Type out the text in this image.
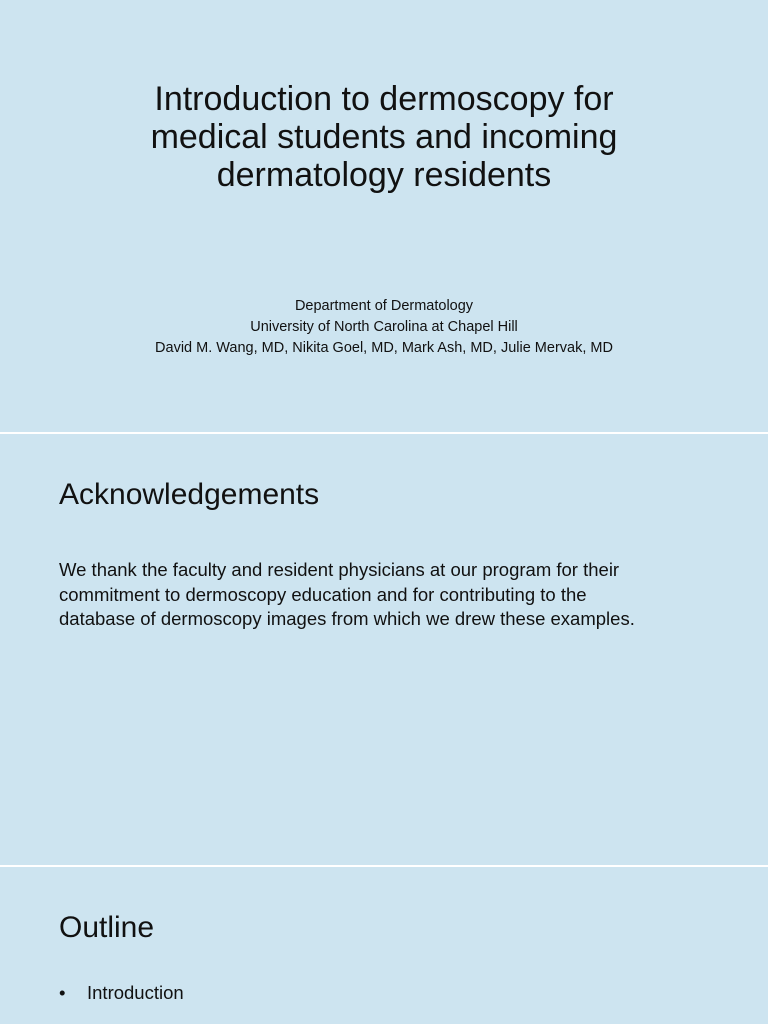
Introduction to dermoscopy for
medical students and incoming
dermatology residents
Department of Dermatology
University of North Carolina at Chapel Hill
David M. Wang, MD, Nikita Goel, MD, Mark Ash, MD, Julie Mervak, MD
Acknowledgements
We thank the faculty and resident physicians at our program for their
commitment to dermoscopy education and for contributing to the
database of dermoscopy images from which we drew these examples.
Outline
• Introduction
